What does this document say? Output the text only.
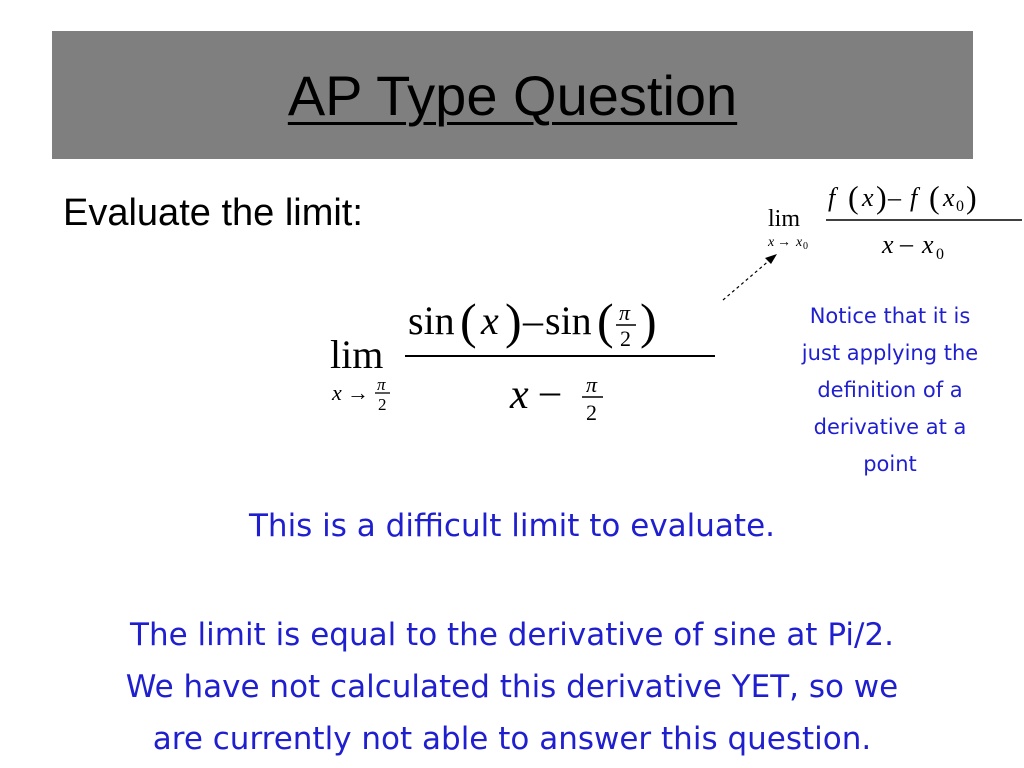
AP Type Question
Evaluate the limit:
lim
x → π
2
sin ( x ) – sin ( π
2 )
x – π
2
lim
x → x 0
f ( x ) – f ( x 0 )
x – x 0
Notice that it is
just applying the
definition of a
derivative at a
point
This is a difficult limit to evaluate.
The limit is equal to the derivative of sine at Pi/2.
We have not calculated this derivative YET, so we
are currently not able to answer this question.
